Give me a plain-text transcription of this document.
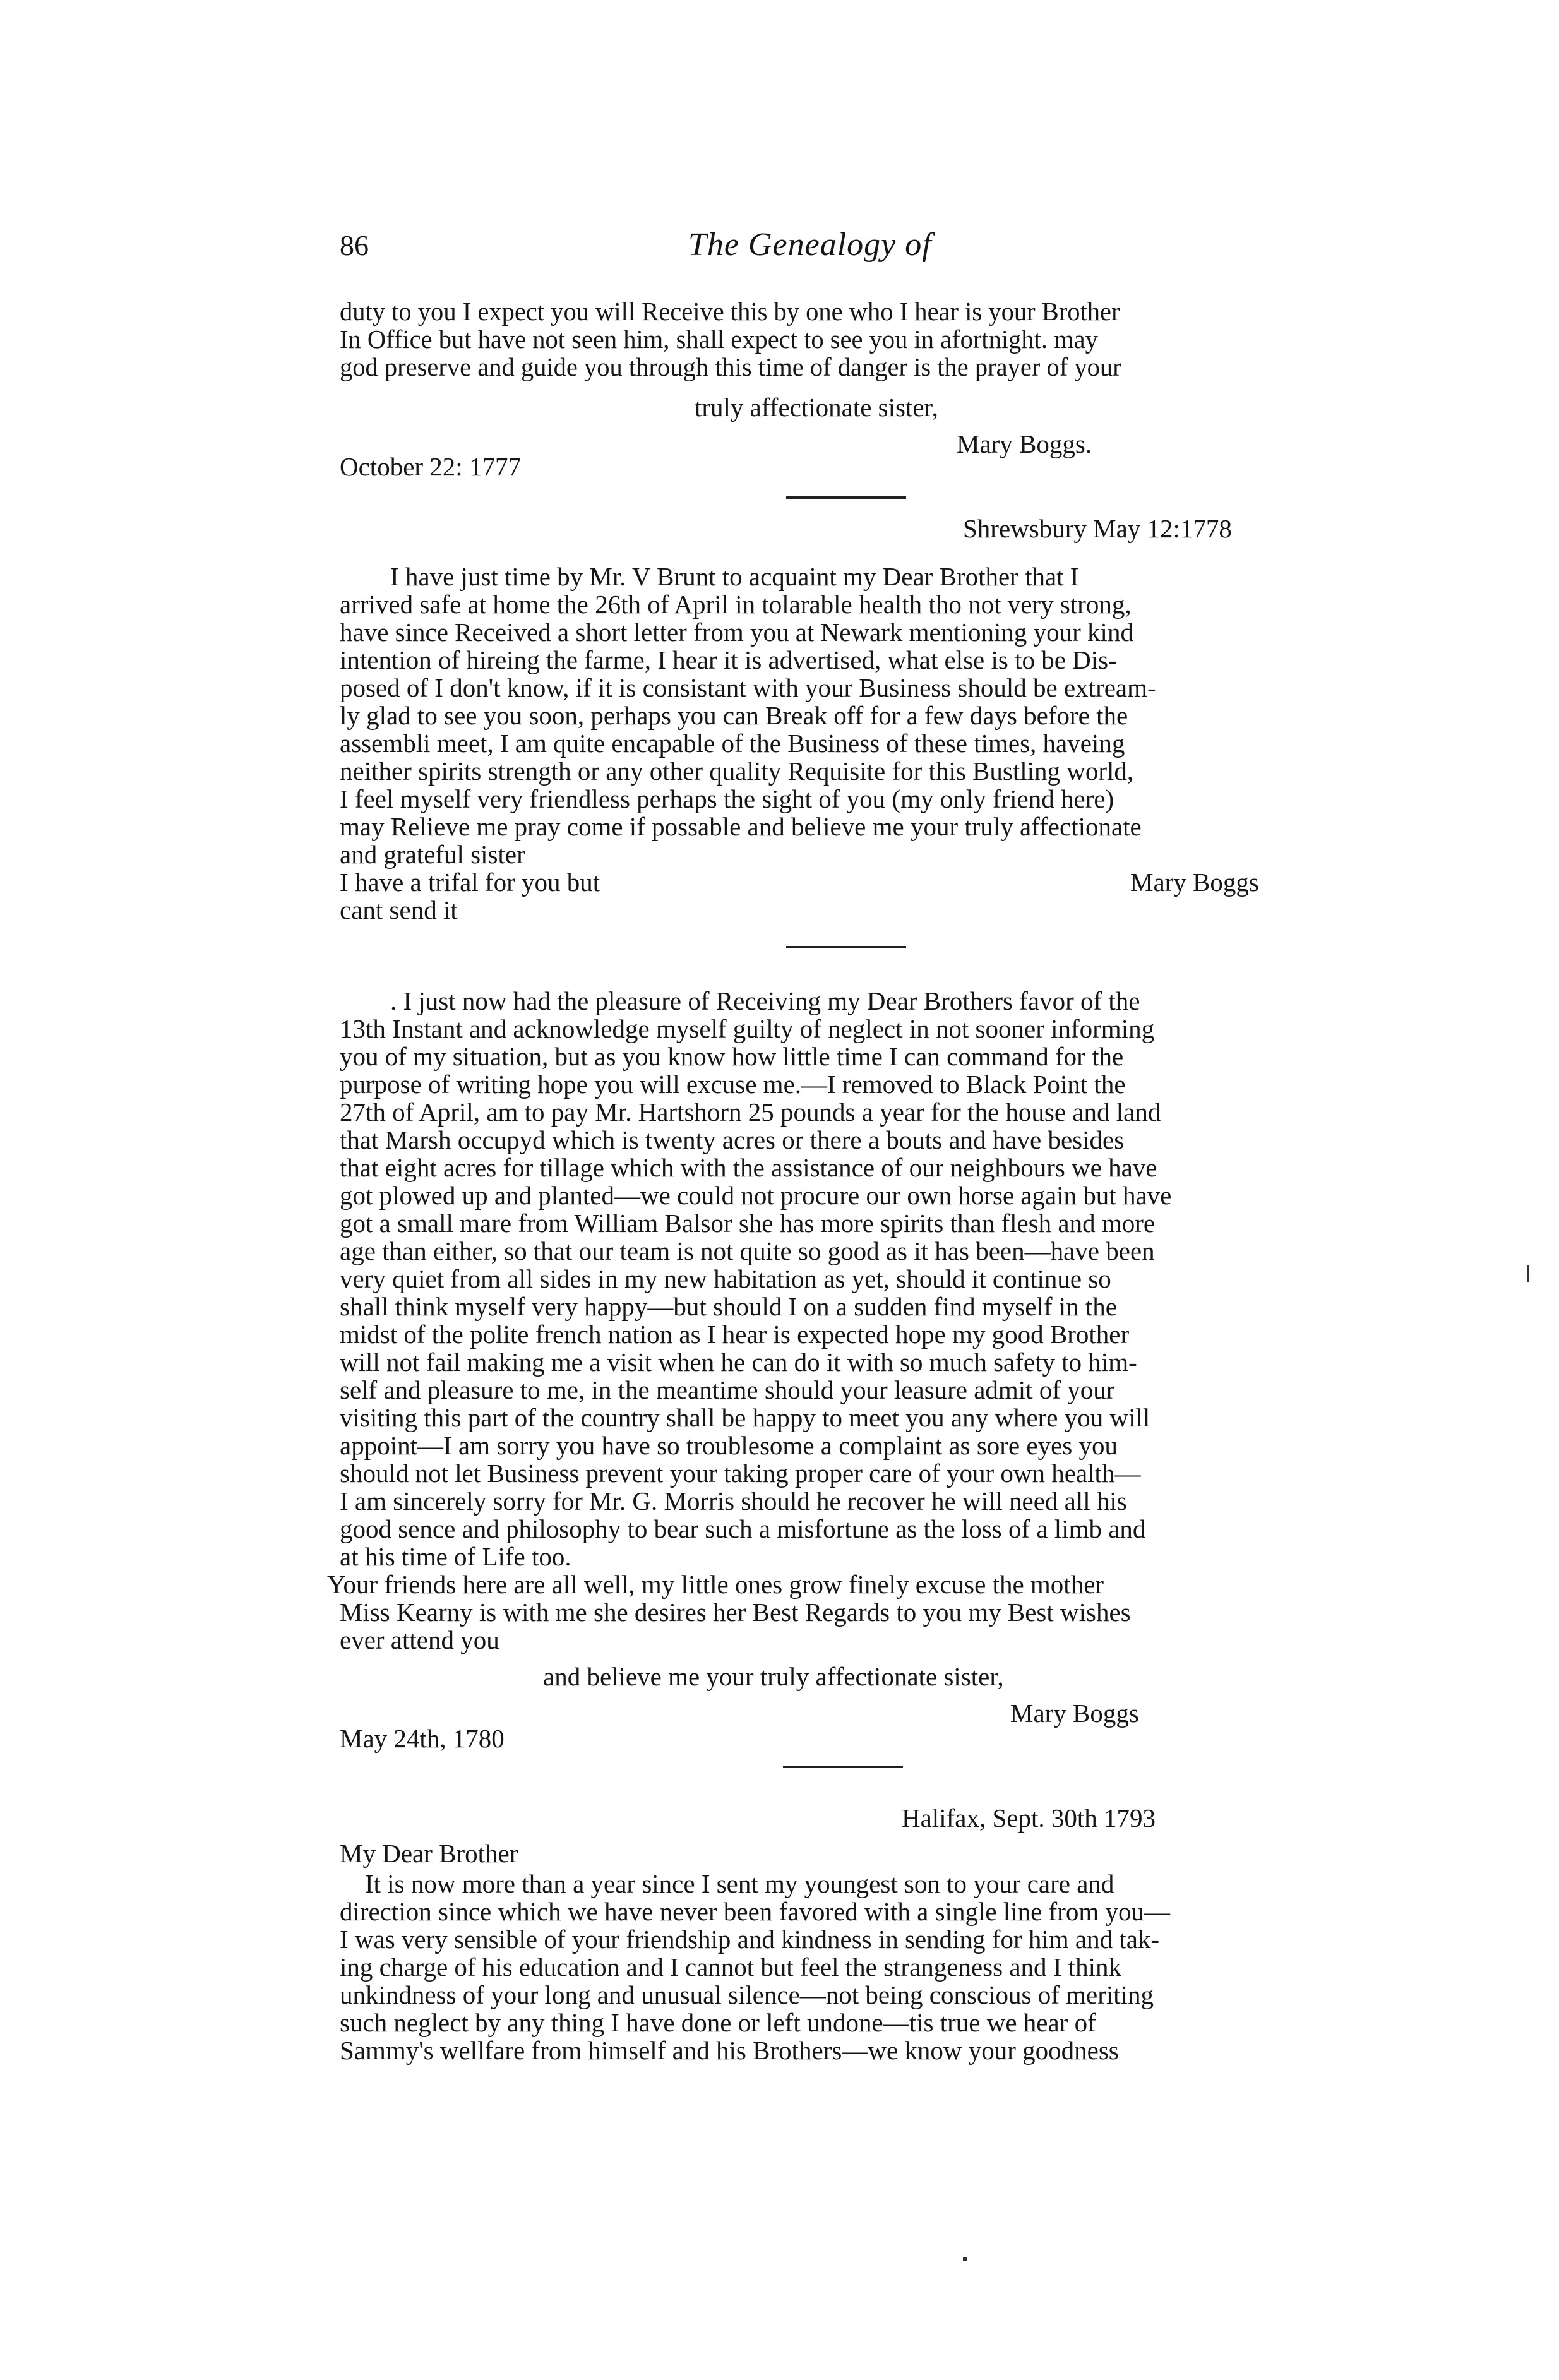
86	The Genealogy of
duty to you I expect you will Receive this by one who I hear is your Brother
In Office but have not seen him, shall expect to see you in afortnight. may
god preserve and guide you through this time of danger is the prayer of your
truly affectionate sister,
Mary Boggs.
October 22: 1777
Shrewsbury May 12:1778
I have just time by Mr. V Brunt to acquaint my Dear Brother that I
arrived safe at home the 26th of April in tolarable health tho not very strong,
have since Received a short letter from you at Newark mentioning your kind
intention of hireing the farme, I hear it is advertised, what else is to be Dis-
posed of I don't know, if it is consistant with your Business should be extream-
ly glad to see you soon, perhaps you can Break off for a few days before the
assembli meet, I am quite encapable of the Business of these times, haveing
neither spirits strength or any other quality Requisite for this Bustling world,
I feel myself very friendless perhaps the sight of you (my only friend here)
may Relieve me pray come if possable and believe me your truly affectionate
and grateful sister
I have a trifal for you but	Mary Boggs
cant send it
. I just now had the pleasure of Receiving my Dear Brothers favor of the
13th Instant and acknowledge myself guilty of neglect in not sooner informing
you of my situation, but as you know how little time I can command for the
purpose of writing hope you will excuse me.—I removed to Black Point the
27th of April, am to pay Mr. Hartshorn 25 pounds a year for the house and land
that Marsh occupyd which is twenty acres or there a bouts and have besides
that eight acres for tillage which with the assistance of our neighbours we have
got plowed up and planted—we could not procure our own horse again but have
got a small mare from William Balsor she has more spirits than flesh and more
age than either, so that our team is not quite so good as it has been—have been
very quiet from all sides in my new habitation as yet, should it continue so
shall think myself very happy—but should I on a sudden find myself in the
midst of the polite french nation as I hear is expected hope my good Brother
will not fail making me a visit when he can do it with so much safety to him-
self and pleasure to me, in the meantime should your leasure admit of your
visiting this part of the country shall be happy to meet you any where you will
appoint—I am sorry you have so troublesome a complaint as sore eyes you
should not let Business prevent your taking proper care of your own health—
I am sincerely sorry for Mr. G. Morris should he recover he will need all his
good sence and philosophy to bear such a misfortune as the loss of a limb and
at his time of Life too.
Your friends here are all well, my little ones grow finely excuse the mother
Miss Kearny is with me she desires her Best Regards to you my Best wishes
ever attend you
and believe me your truly affectionate sister,
Mary Boggs
May 24th, 1780
Halifax, Sept. 30th 1793
My Dear Brother
It is now more than a year since I sent my youngest son to your care and
direction since which we have never been favored with a single line from you—
I was very sensible of your friendship and kindness in sending for him and tak-
ing charge of his education and I cannot but feel the strangeness and I think
unkindness of your long and unusual silence—not being conscious of meriting
such neglect by any thing I have done or left undone—tis true we hear of
Sammy's wellfare from himself and his Brothers—we know your goodness
